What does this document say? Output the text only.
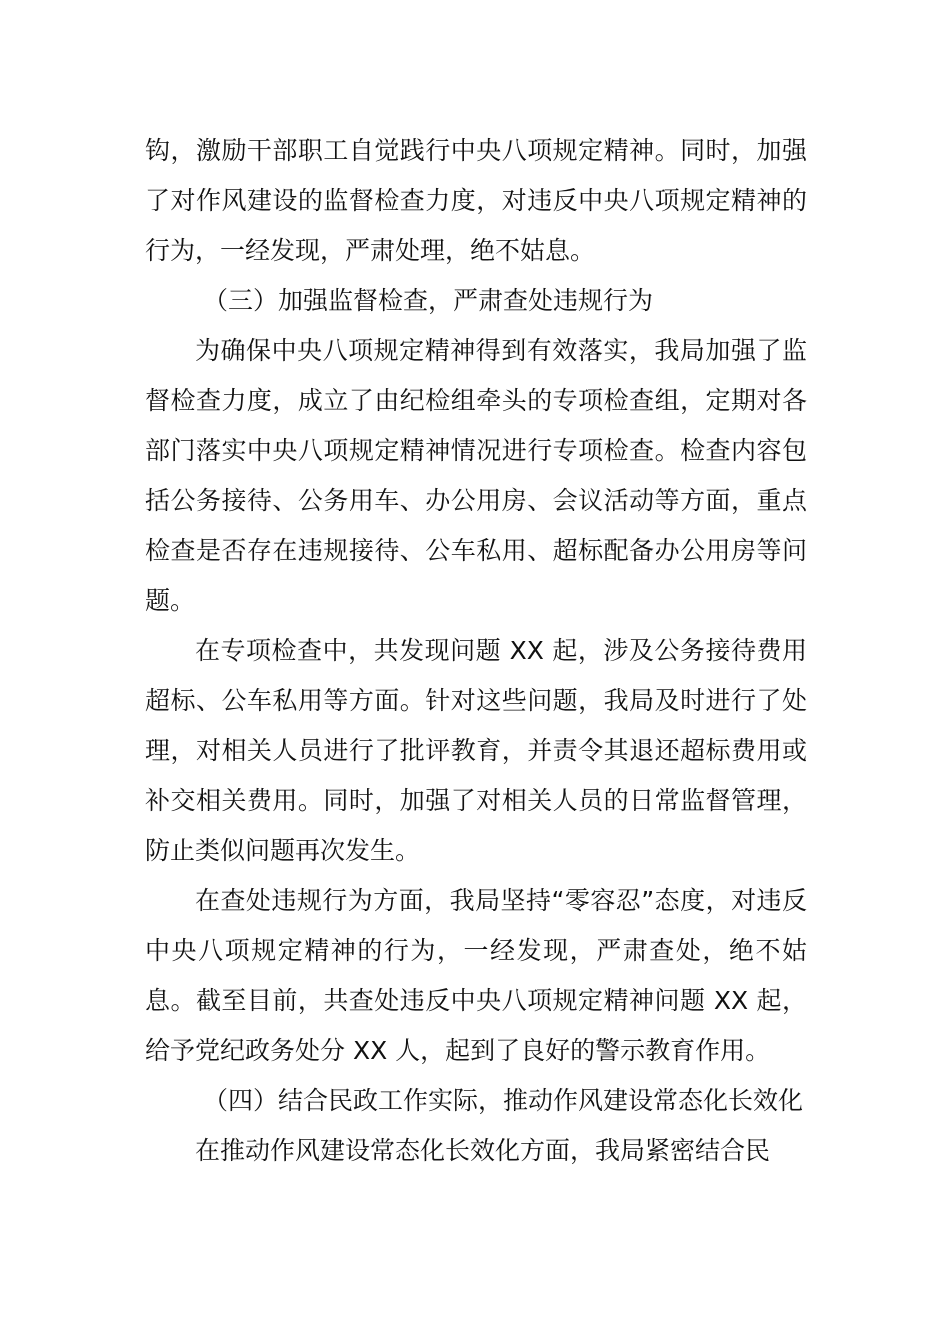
钩，激励干部职工自觉践行中央八项规定精神。同时，加强了对作风建设的监督检查力度，对违反中央八项规定精神的行为，一经发现，严肃处理，绝不姑息。

（三）加强监督检查，严肃查处违规行为

为确保中央八项规定精神得到有效落实，我局加强了监督检查力度，成立了由纪检组牵头的专项检查组，定期对各部门落实中央八项规定精神情况进行专项检查。检查内容包括公务接待、公务用车、办公用房、会议活动等方面，重点检查是否存在违规接待、公车私用、超标配备办公用房等问题。

在专项检查中，共发现问题 XX 起，涉及公务接待费用超标、公车私用等方面。针对这些问题，我局及时进行了处理，对相关人员进行了批评教育，并责令其退还超标费用或补交相关费用。同时，加强了对相关人员的日常监督管理，防止类似问题再次发生。

在查处违规行为方面，我局坚持“零容忍”态度，对违反中央八项规定精神的行为，一经发现，严肃查处，绝不姑息。截至目前，共查处违反中央八项规定精神问题 XX 起，给予党纪政务处分 XX 人，起到了良好的警示教育作用。

（四）结合民政工作实际，推动作风建设常态化长效化

在推动作风建设常态化长效化方面，我局紧密结合民
